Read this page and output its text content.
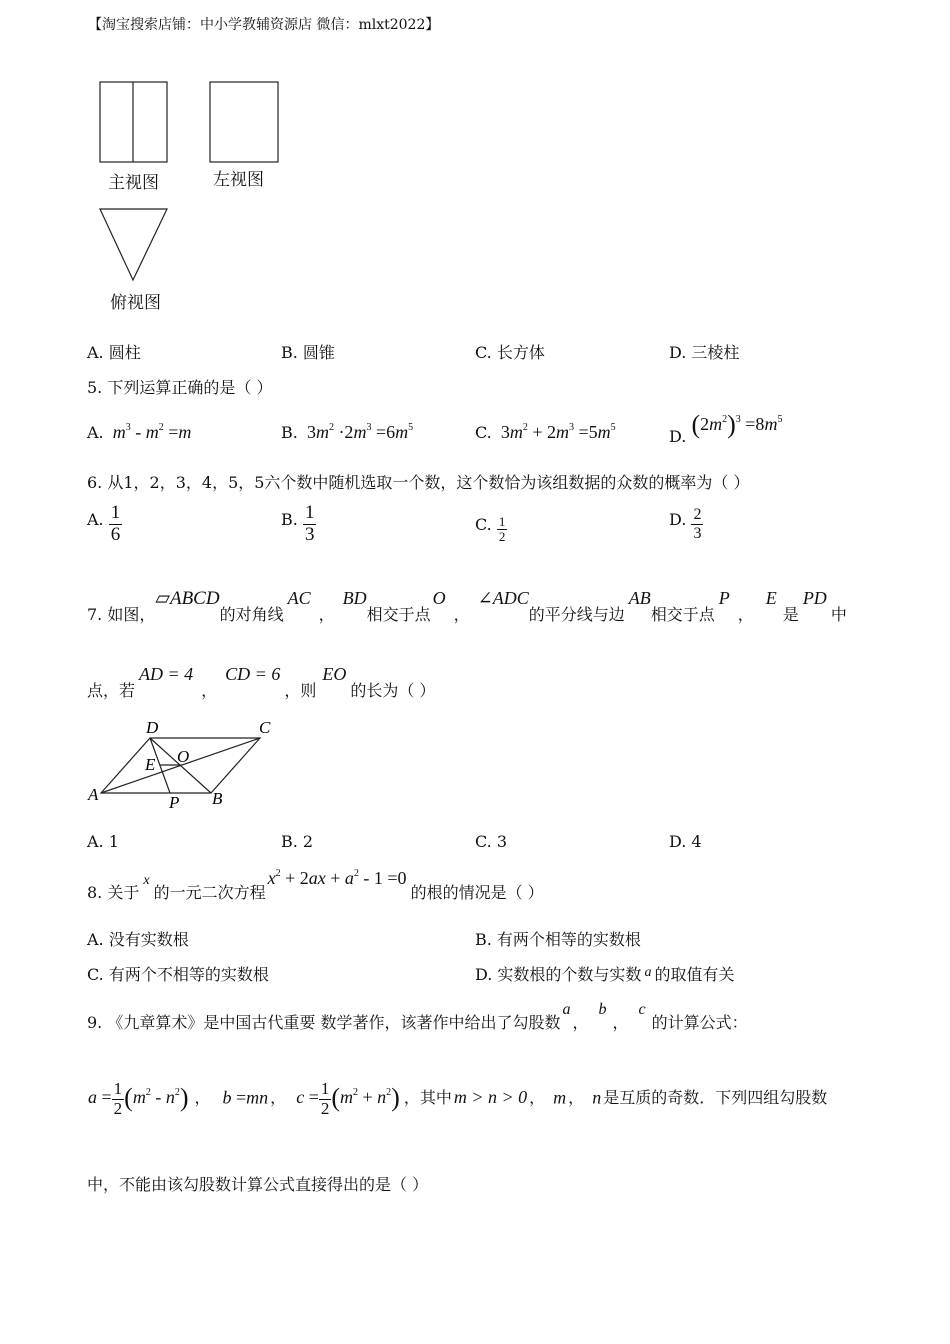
【淘宝搜索店铺：中小学教辅资源店 微信：mlxt2022】
主视图	左视图
俯视图
A. 圆柱	B. 圆锥	C. 长方体	D. 三棱柱
5. 下列运算正确的是（ ）
A. $m^3 - m^2 =m$	B. $3m^2 \cdot 2m^3 =6m^5$	C. $3m^2 + 2m^3 =5m^5$	D. $(2m^2)^3 =8m^5$
6. 从1，2，3，4，5，5六个数中随机选取一个数，这个数恰为该组数据的众数的概率为（ ）
A. $\frac{1}{6}$	B. $\frac{1}{3}$	C. $\frac{1}{2}$	D. $\frac{2}{3}$
7. 如图，▱ABCD的对角线AC，BD相交于点O，∠ADC的平分线与边AB相交于点P，E是PD中
点，若AD = 4，CD = 6，则EO的长为（ ）
D	C
O
E
A	P B
A. 1	B. 2	C. 3	D. 4
8. 关于x的一元二次方程$x^2 + 2ax + a^2 - 1 =0$的根的情况是（ ）
A. 没有实数根	B. 有两个相等的实数根
C. 有两个不相等的实数根	D. 实数根的个数与实数 a 的取值有关
9. 《九章算术》是中国古代重要 数学著作，该著作中给出了勾股数a，b，c的计算公式：
$a = \frac{1}{2} (m^2 - n^2)$ ， b =mn ， $c = \frac{1}{2} (m^2 + n^2)$ ，其中 m > n > 0 ， m ， n 是互质的奇数．下列四组勾股数
中，不能由该勾股数计算公式直接得出的是（ ）
